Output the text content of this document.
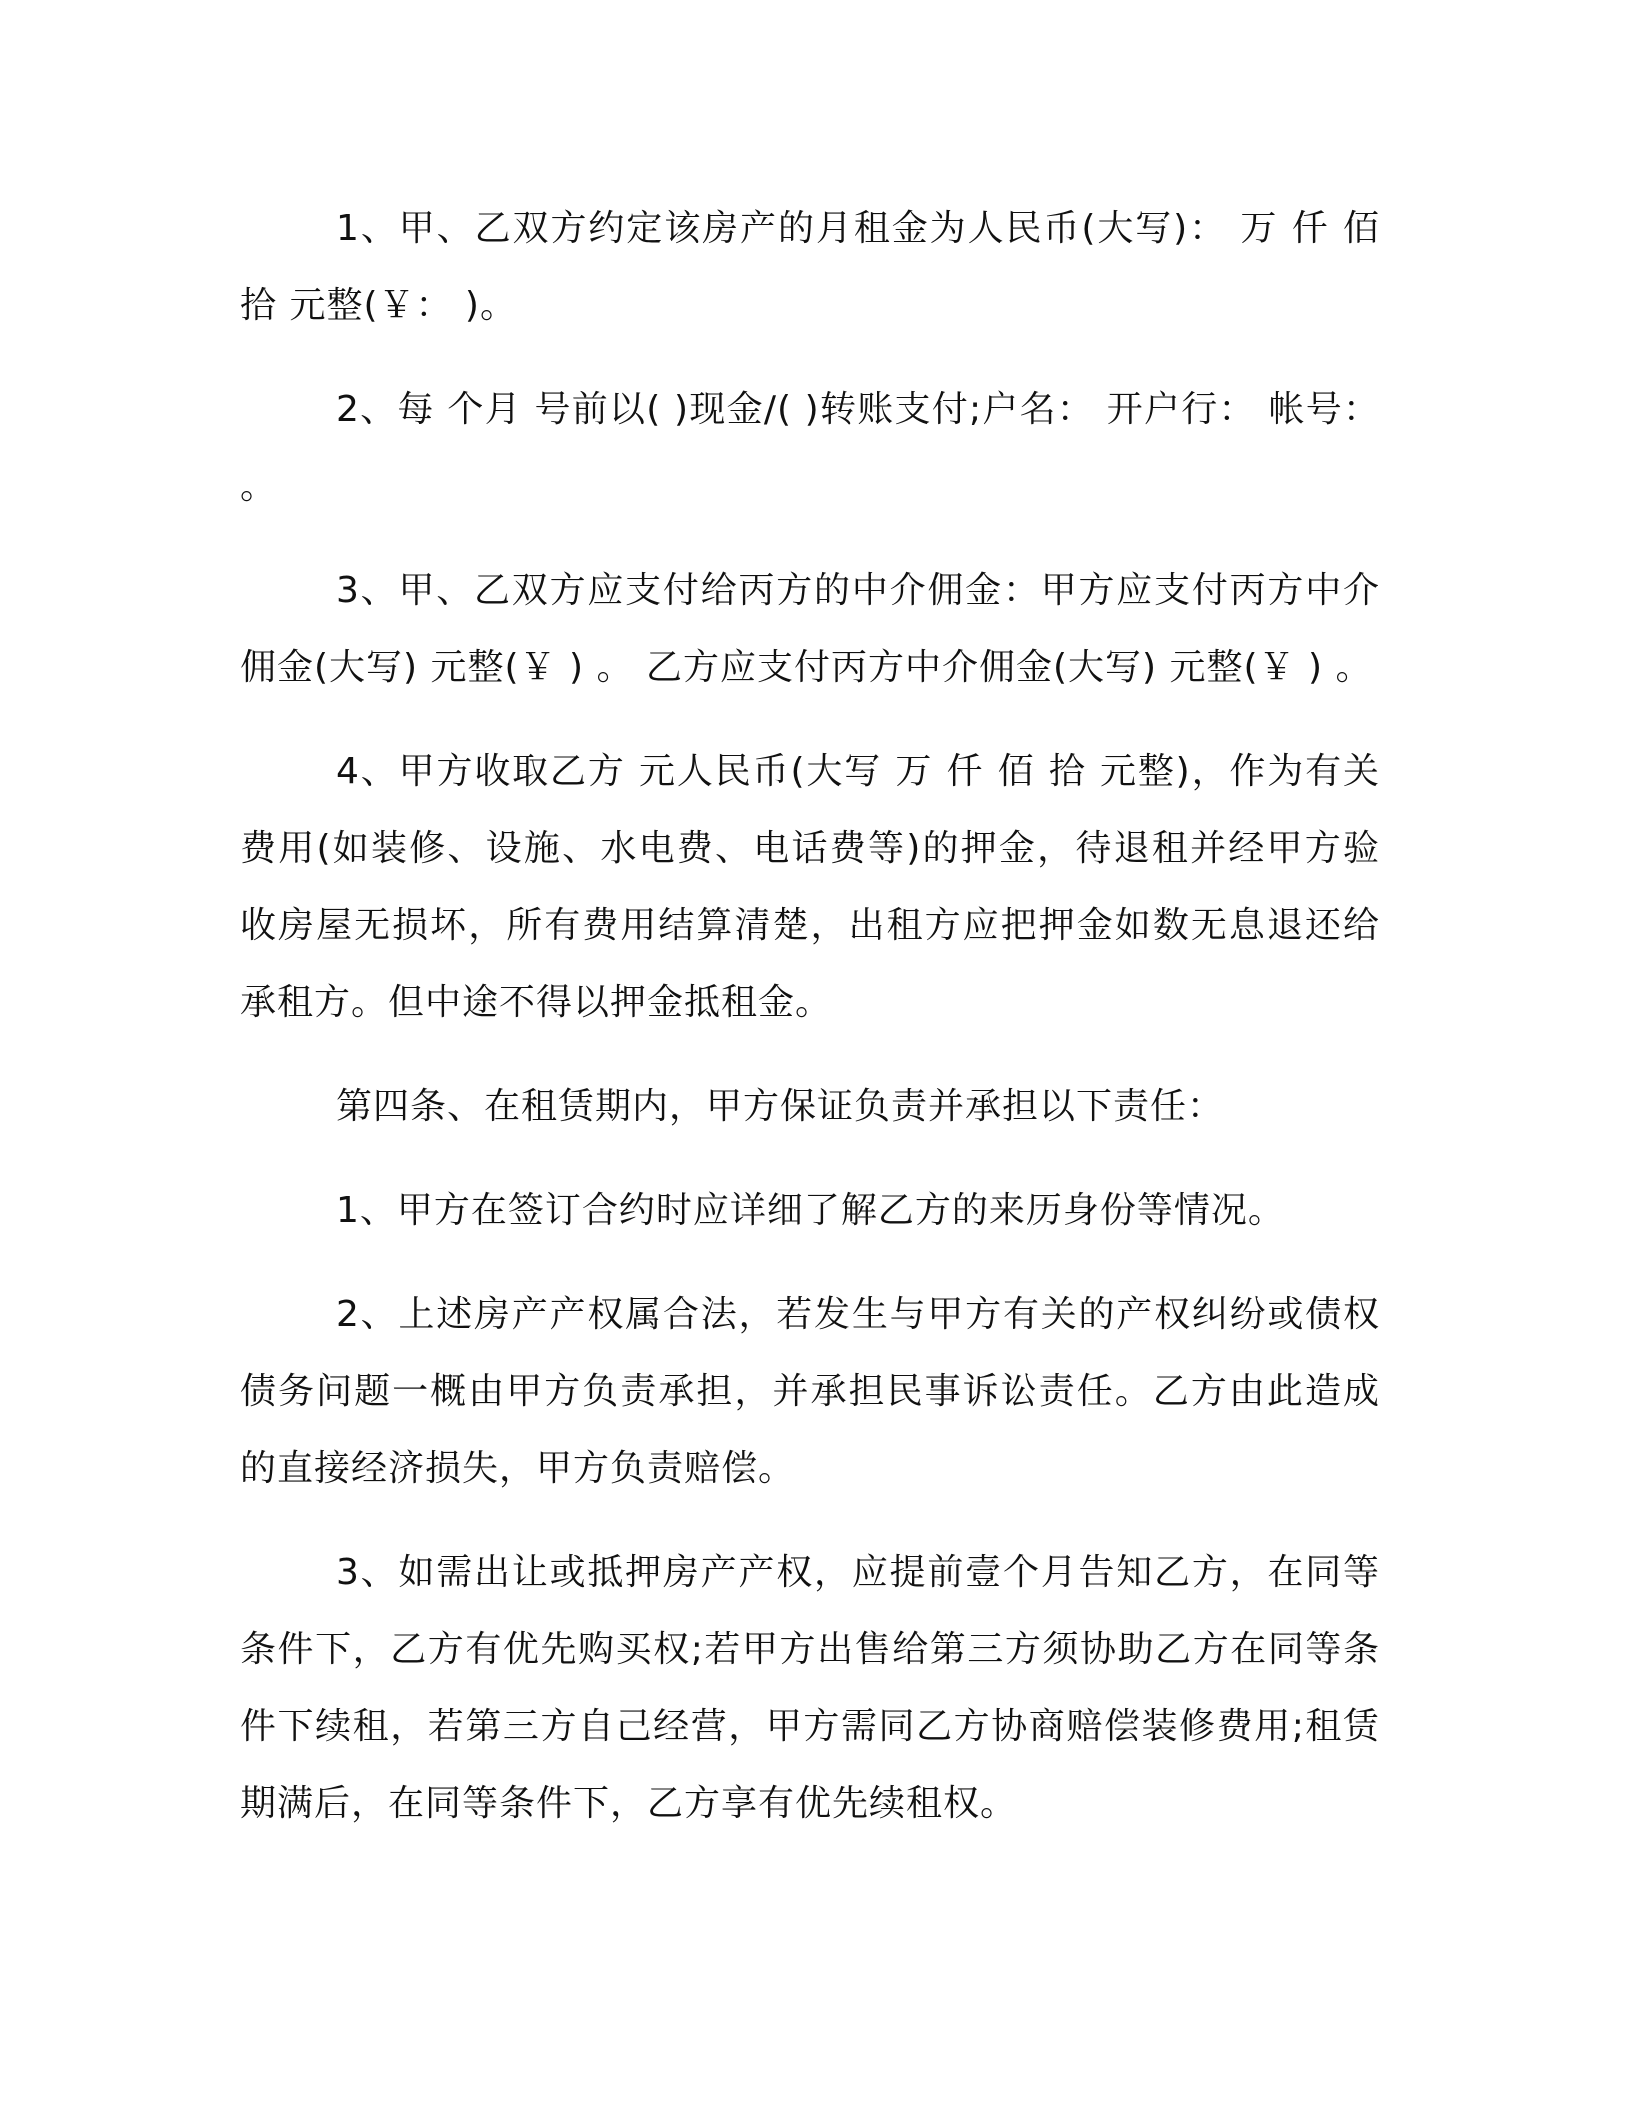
1、甲、乙双方约定该房产的月租金为人民币(大写)： 万 仟 佰 拾 元整(￥： )。

2、每 个月 号前以( )现金/( )转账支付;户名： 开户行： 帐号： 。

3、甲、乙双方应支付给丙方的中介佣金：甲方应支付丙方中介佣金(大写) 元整(￥ ) 。 乙方应支付丙方中介佣金(大写) 元整(￥ ) 。

4、甲方收取乙方 元人民币(大写 万 仟 佰 拾 元整)，作为有关费用(如装修、设施、水电费、电话费等)的押金，待退租并经甲方验收房屋无损坏，所有费用结算清楚，出租方应把押金如数无息退还给承租方。但中途不得以押金抵租金。

第四条、在租赁期内，甲方保证负责并承担以下责任：

1、甲方在签订合约时应详细了解乙方的来历身份等情况。

2、上述房产产权属合法，若发生与甲方有关的产权纠纷或债权债务问题一概由甲方负责承担，并承担民事诉讼责任。乙方由此造成的直接经济损失，甲方负责赔偿。

3、如需出让或抵押房产产权，应提前壹个月告知乙方，在同等条件下，乙方有优先购买权;若甲方出售给第三方须协助乙方在同等条件下续租，若第三方自己经营，甲方需同乙方协商赔偿装修费用;租赁期满后，在同等条件下，乙方享有优先续租权。
